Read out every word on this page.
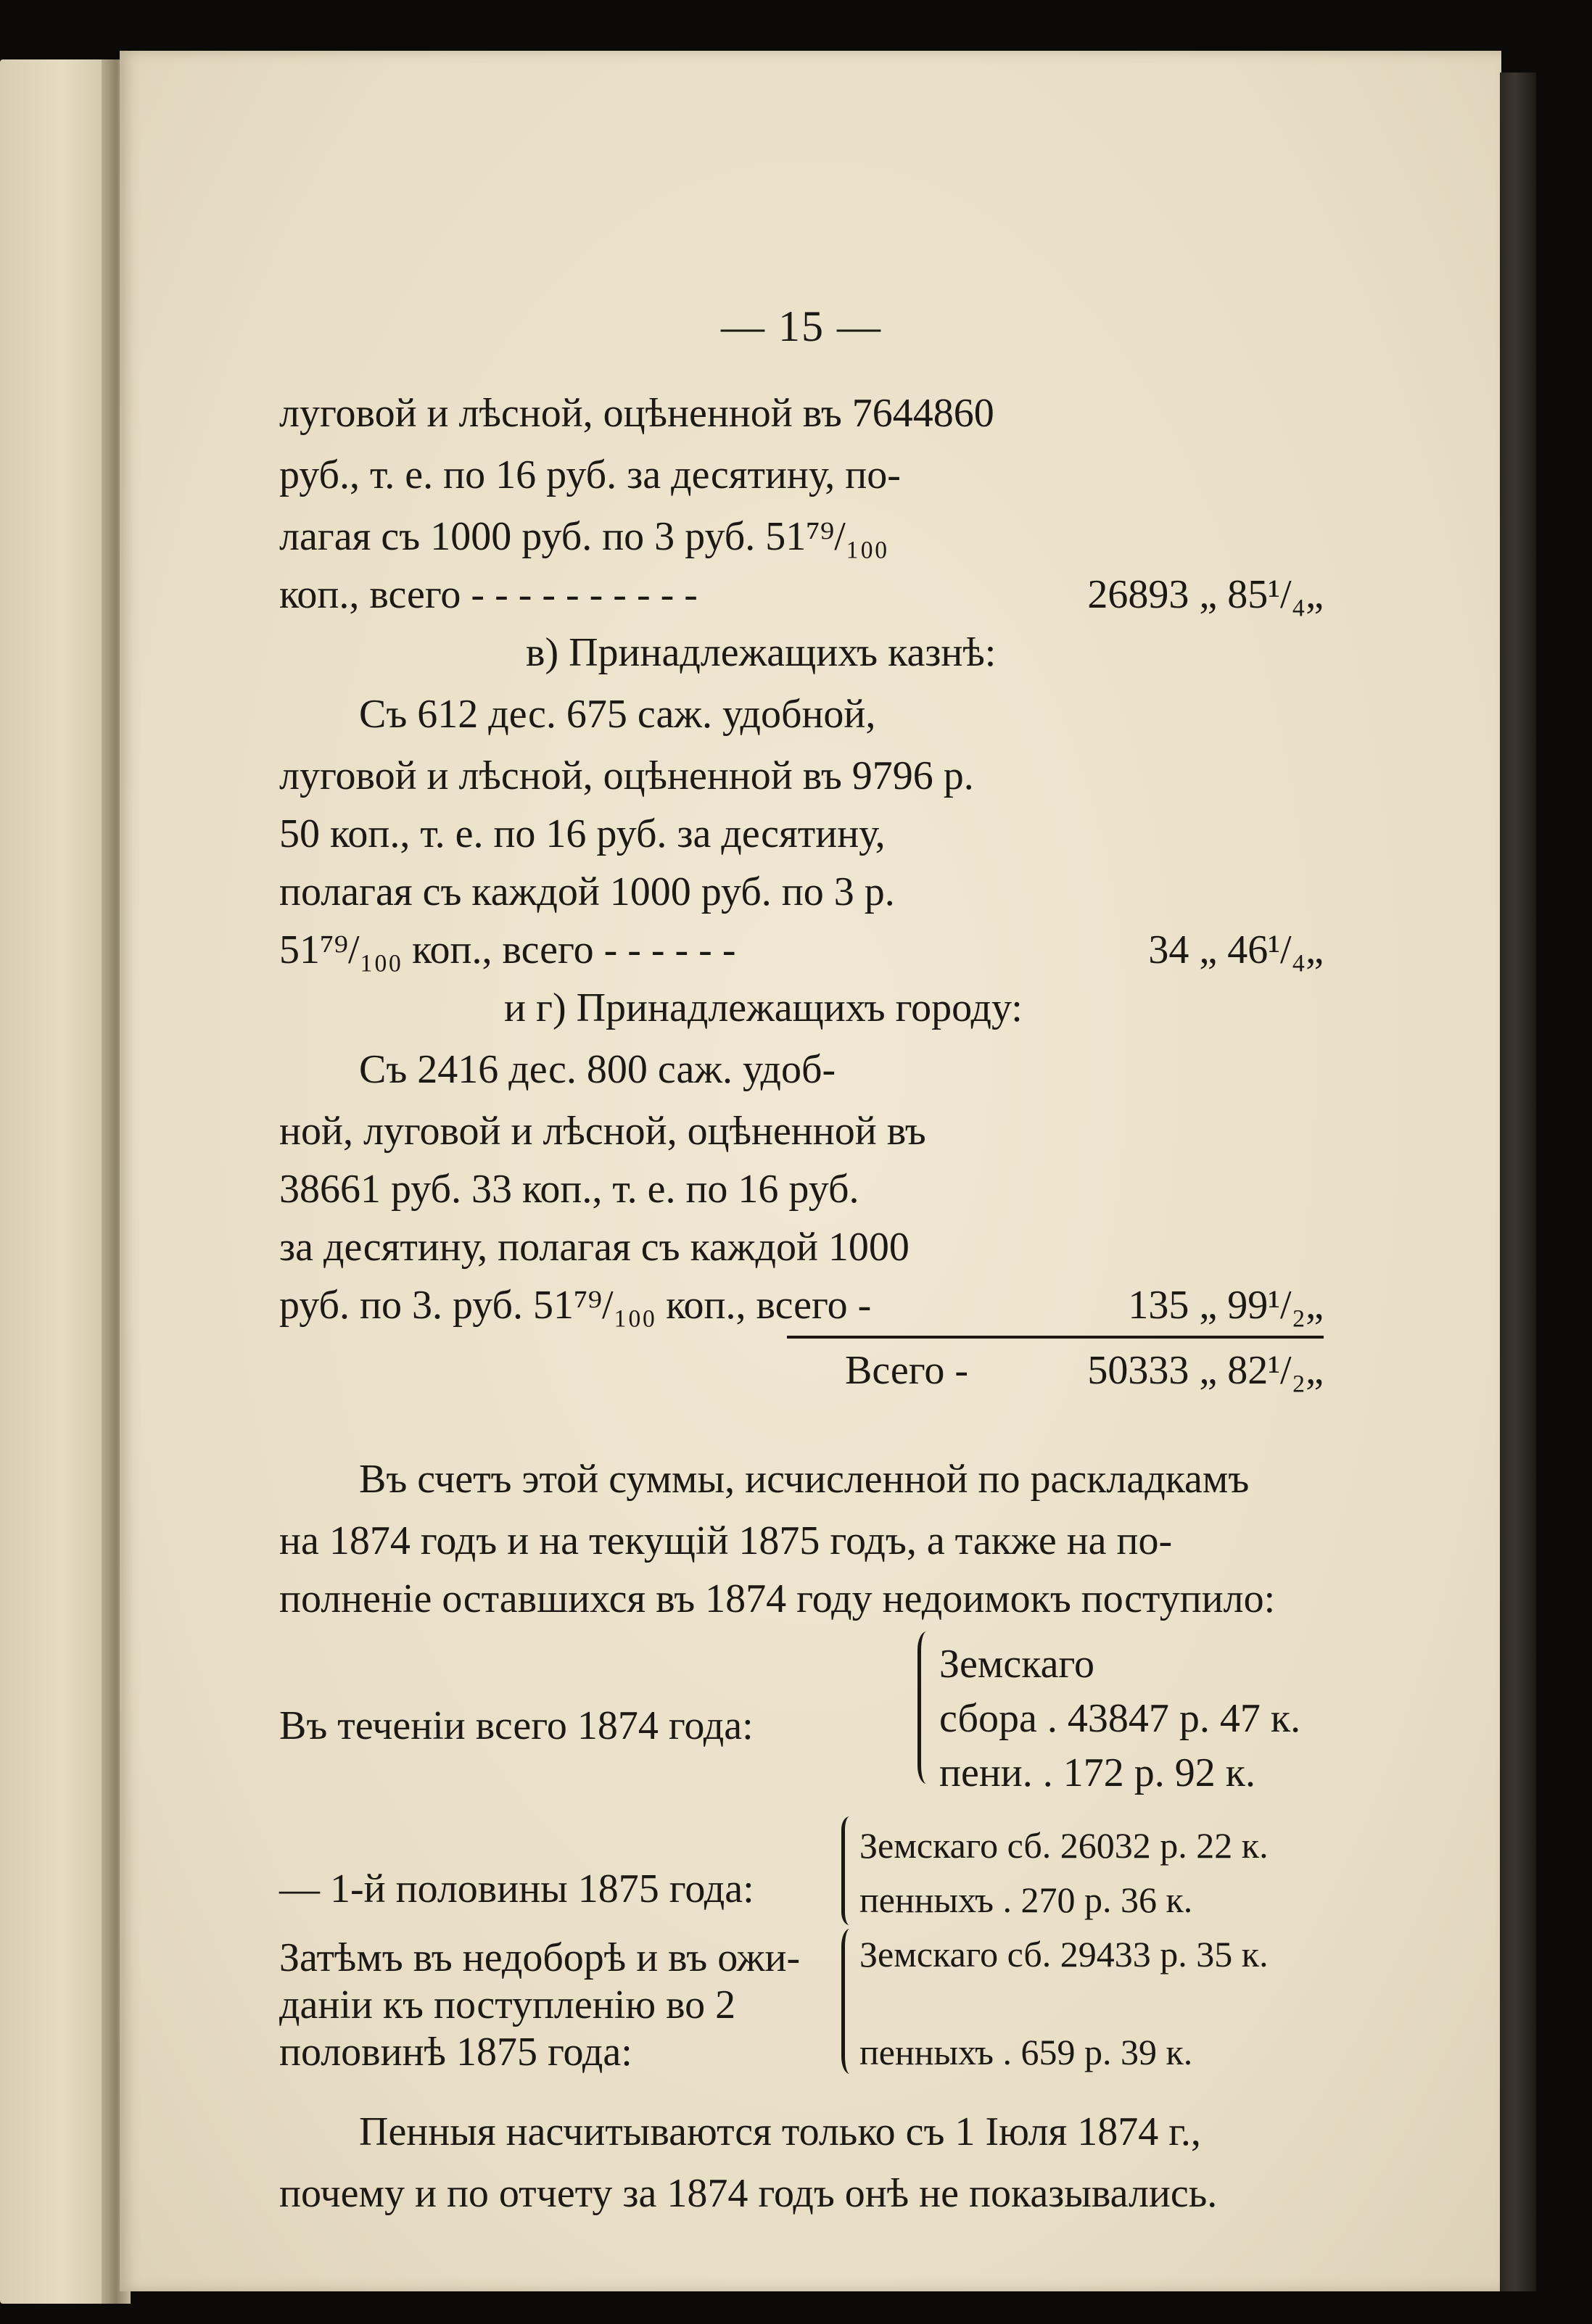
— 15 —
луговой и лѣсной, оцѣненной въ 7644860
руб., т. е. по 16 руб. за десятину, по-
лагая съ 1000 руб. по 3 руб. 51⁷⁹/₁₀₀
коп., всего - - - - - - - - - -	26893 „ 85¹/₄„
в) Принадлежащихъ казнѣ:
Съ 612 дес. 675 саж. удобной,
луговой и лѣсной, оцѣненной въ 9796 р.
50 коп., т. е. по 16 руб. за десятину,
полагая съ каждой 1000 руб. по 3 р.
51⁷⁹/₁₀₀ коп., всего - - - - - -	34 „ 46¹/₄„
и г) Принадлежащихъ городу:
Съ 2416 дес. 800 саж. удоб-
ной, луговой и лѣсной, оцѣненной въ
38661 руб. 33 коп., т. е. по 16 руб.
за десятину, полагая съ каждой 1000
руб. по 3. руб. 51⁷⁹/₁₀₀ коп., всего -	135 „ 99¹/₂„
Всего -	50333 „ 82¹/₂„
Въ счетъ этой суммы, исчисленной по раскладкамъ
на 1874 годъ и на текущій 1875 годъ, а также на по-
полненіе оставшихся въ 1874 году недоимокъ поступило:
Въ теченіи всего 1874 года:
Земскаго
сбора . 43847 р. 47 к.
пени. . 172 р. 92 к.
— 1-й половины 1875 года:
Земскаго сб. 26032 р. 22 к.
пенныхъ . 270 р. 36 к.
Затѣмъ въ недоборѣ и въ ожи-
даніи къ поступленію во 2
половинѣ 1875 года:
Земскаго сб. 29433 р. 35 к.
пенныхъ . 659 р. 39 к.
Пенныя насчитываются только съ 1 Іюля 1874 г.,
почему и по отчету за 1874 годъ онѣ не показывались.
